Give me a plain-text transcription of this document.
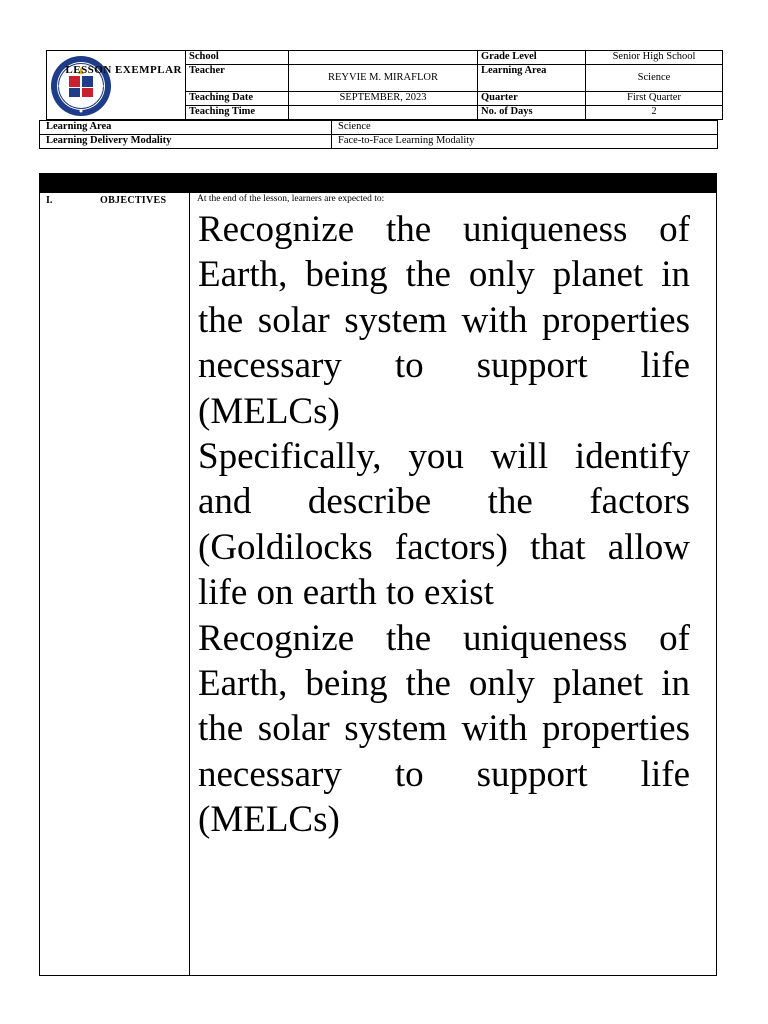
LESSON EXEMPLAR	School		Grade Level	Senior High School
	Teacher	REYVIE M. MIRAFLOR	Learning Area	Science
	Teaching Date	SEPTEMBER, 2023	Quarter	First Quarter
	Teaching Time		No. of Days	2
Learning Area	Science
Learning Delivery Modality	Face-to-Face Learning Modality
I.	OBJECTIVES	At the end of the lesson, learners are expected to:

Recognize the uniqueness of Earth, being the only planet in the solar system with properties necessary to support life (MELCs)

Specifically, you will identify and describe the factors (Goldilocks factors) that allow life on earth to exist

Recognize the uniqueness of Earth, being the only planet in the solar system with properties necessary to support life (MELCs)
